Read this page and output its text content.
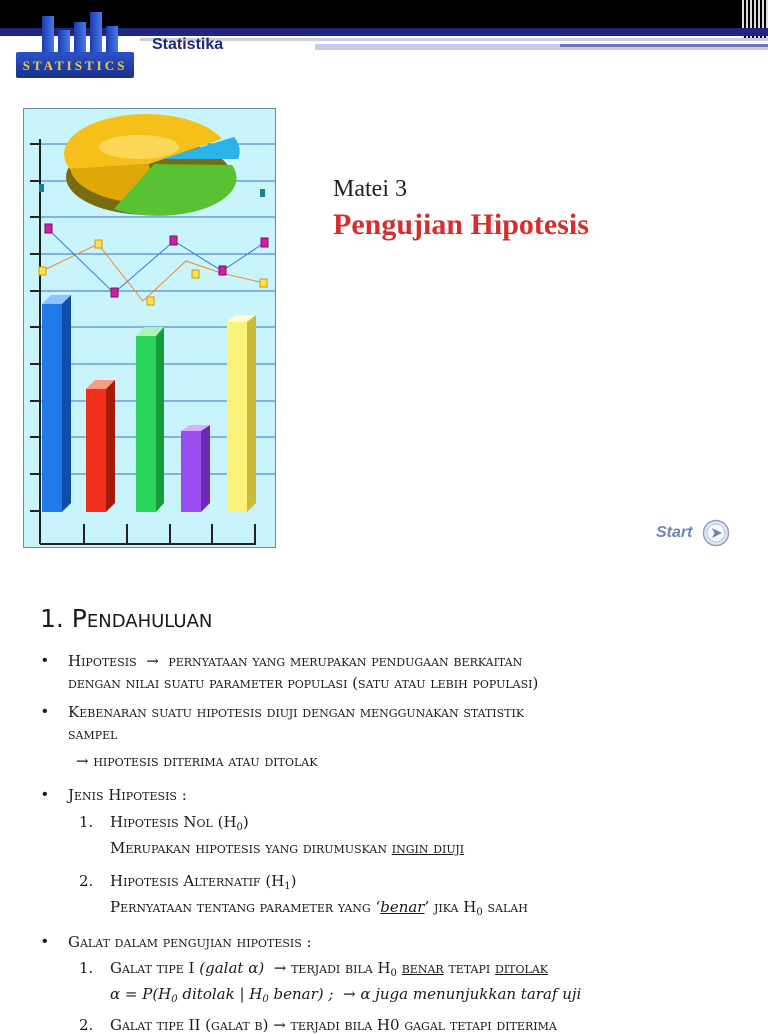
STATISTICS
Statistika
Matei 3
Pengujian Hipotesis
Start
1. Pendahuluan
• Hipotesis  →  pernyataan yang merupakan pendugaan berkaitan
dengan nilai suatu parameter populasi (satu atau lebih populasi)
• Kebenaran suatu hipotesis diuji dengan menggunakan statistik
sampel
→ hipotesis diterima atau ditolak
• Jenis Hipotesis :
1. Hipotesis Nol $(H_0)$
Merupakan hipotesis yang dirumuskan ingin diuji
2. Hipotesis Alternatif $(H_1)$
Pernyataan tentang parameter yang ‘benar’ jika $H_0$ salah
• Galat dalam pengujian hipotesis :
1. Galat tipe I (galat α)  → terjadi bila $H_0$ benar tetapi ditolak
$\alpha = P(H_0$ ditolak | $H_0$ benar) ;  → α juga menunjukkan taraf uji
2. Galat tipe II (galat β) → terjadi bila H0 gagal tetapi diterima
